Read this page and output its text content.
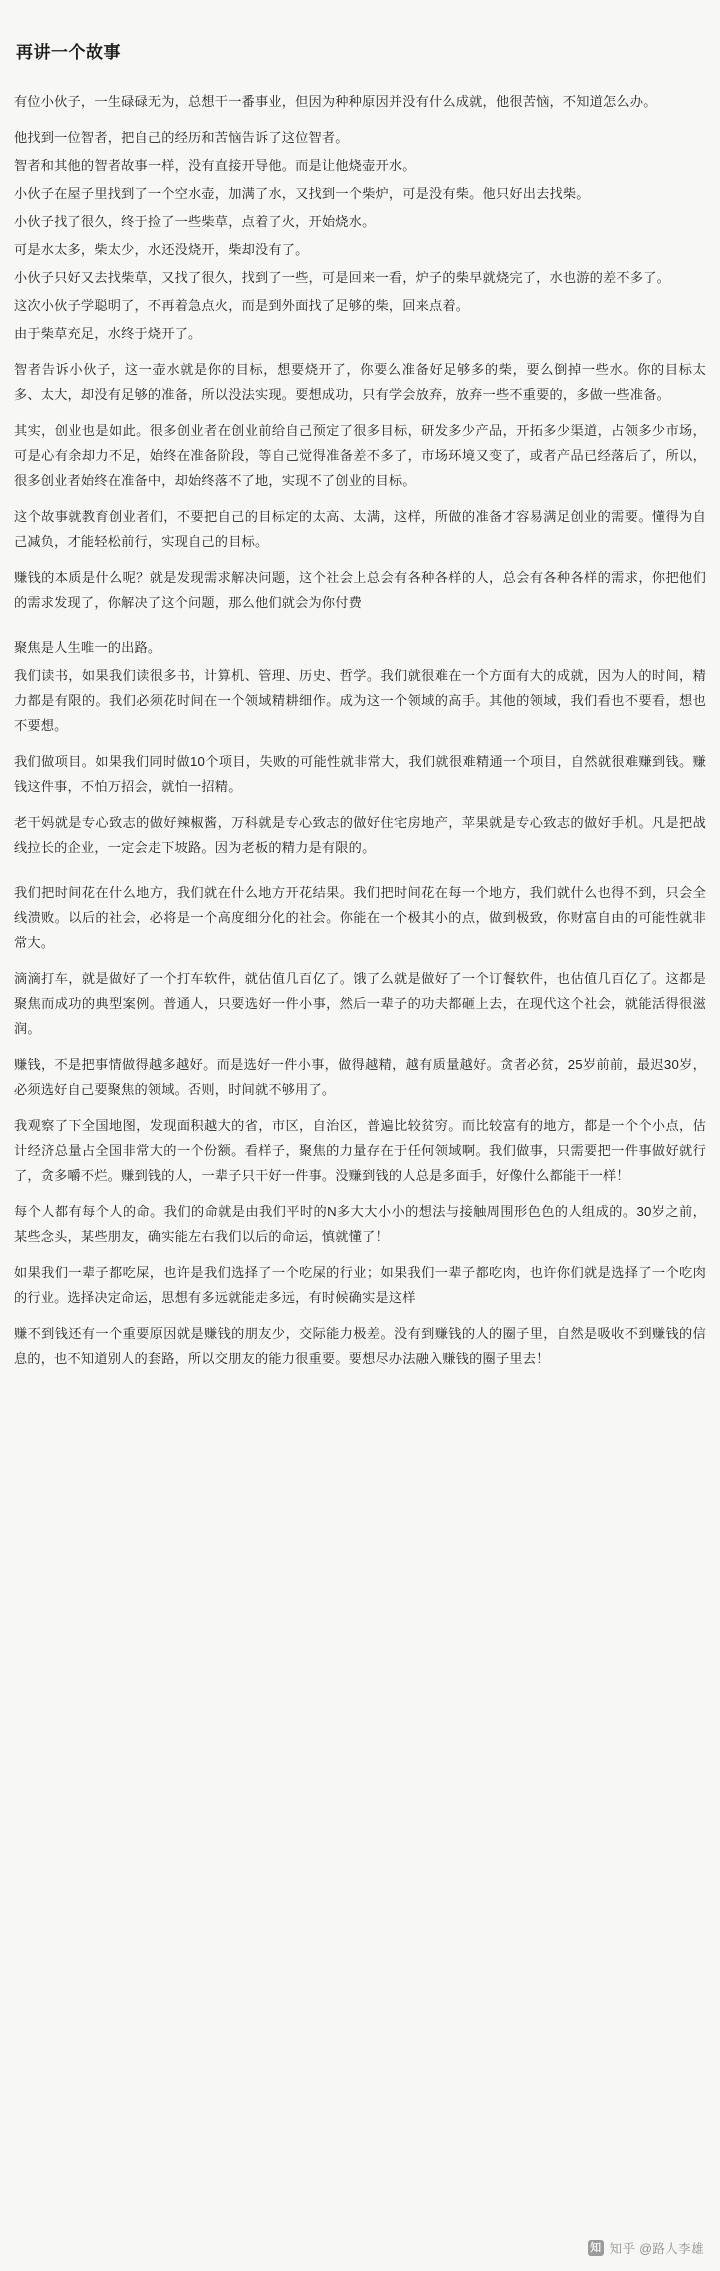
再讲一个故事

有位小伙子，一生碌碌无为，总想干一番事业，但因为种种原因并没有什么成就，他很苦恼，不知道怎么办。

他找到一位智者，把自己的经历和苦恼告诉了这位智者。

智者和其他的智者故事一样，没有直接开导他。而是让他烧壶开水。

小伙子在屋子里找到了一个空水壶，加满了水，又找到一个柴炉，可是没有柴。他只好出去找柴。

小伙子找了很久，终于捡了一些柴草，点着了火，开始烧水。

可是水太多，柴太少，水还没烧开，柴却没有了。

小伙子只好又去找柴草，又找了很久，找到了一些，可是回来一看，炉子的柴早就烧完了，水也游的差不多了。

这次小伙子学聪明了，不再着急点火，而是到外面找了足够的柴，回来点着。

由于柴草充足，水终于烧开了。

智者告诉小伙子，这一壶水就是你的目标，想要烧开了，你要么准备好足够多的柴，要么倒掉一些水。你的目标太多、太大，却没有足够的准备，所以没法实现。要想成功，只有学会放弃，放弃一些不重要的，多做一些准备。

其实，创业也是如此。很多创业者在创业前给自己预定了很多目标，研发多少产品，开拓多少渠道，占领多少市场，可是心有余却力不足，始终在准备阶段，等自己觉得准备差不多了，市场环境又变了，或者产品已经落后了，所以，很多创业者始终在准备中，却始终落不了地，实现不了创业的目标。

这个故事就教育创业者们，不要把自己的目标定的太高、太满，这样，所做的准备才容易满足创业的需要。懂得为自己减负，才能轻松前行，实现自己的目标。

赚钱的本质是什么呢？就是发现需求解决问题，这个社会上总会有各种各样的人，总会有各种各样的需求，你把他们的需求发现了，你解决了这个问题，那么他们就会为你付费

聚焦是人生唯一的出路。

我们读书，如果我们读很多书，计算机、管理、历史、哲学。我们就很难在一个方面有大的成就，因为人的时间，精力都是有限的。我们必须花时间在一个领域精耕细作。成为这一个领域的高手。其他的领域，我们看也不要看，想也不要想。

我们做项目。如果我们同时做10个项目，失败的可能性就非常大，我们就很难精通一个项目，自然就很难赚到钱。赚钱这件事，不怕万招会，就怕一招精。

老干妈就是专心致志的做好辣椒酱，万科就是专心致志的做好住宅房地产，苹果就是专心致志的做好手机。凡是把战线拉长的企业，一定会走下坡路。因为老板的精力是有限的。

我们把时间花在什么地方，我们就在什么地方开花结果。我们把时间花在每一个地方，我们就什么也得不到，只会全线溃败。以后的社会，必将是一个高度细分化的社会。你能在一个极其小的点，做到极致，你财富自由的可能性就非常大。

滴滴打车，就是做好了一个打车软件，就估值几百亿了。饿了么就是做好了一个订餐软件，也估值几百亿了。这都是聚焦而成功的典型案例。普通人，只要选好一件小事，然后一辈子的功夫都砸上去，在现代这个社会，就能活得很滋润。

赚钱，不是把事情做得越多越好。而是选好一件小事，做得越精，越有质量越好。贪者必贫，25岁前前，最迟30岁，必须选好自己要聚焦的领域。否则，时间就不够用了。

我观察了下全国地图，发现面积越大的省，市区，自治区，普遍比较贫穷。而比较富有的地方，都是一个个小点，估计经济总量占全国非常大的一个份额。看样子，聚焦的力量存在于任何领域啊。我们做事，只需要把一件事做好就行了，贪多嚼不烂。赚到钱的人，一辈子只干好一件事。没赚到钱的人总是多面手，好像什么都能干一样！

每个人都有每个人的命。我们的命就是由我们平时的N多大大小小的想法与接触周围形色色的人组成的。30岁之前，某些念头，某些朋友，确实能左右我们以后的命运，慎就懂了！

如果我们一辈子都吃屎，也许是我们选择了一个吃屎的行业；如果我们一辈子都吃肉，也许你们就是选择了一个吃肉的行业。选择决定命运，思想有多远就能走多远，有时候确实是这样

赚不到钱还有一个重要原因就是赚钱的朋友少，交际能力极差。没有到赚钱的人的圈子里，自然是吸收不到赚钱的信息的，也不知道别人的套路，所以交朋友的能力很重要。要想尽办法融入赚钱的圈子里去！

知 知乎 @路人李雄
